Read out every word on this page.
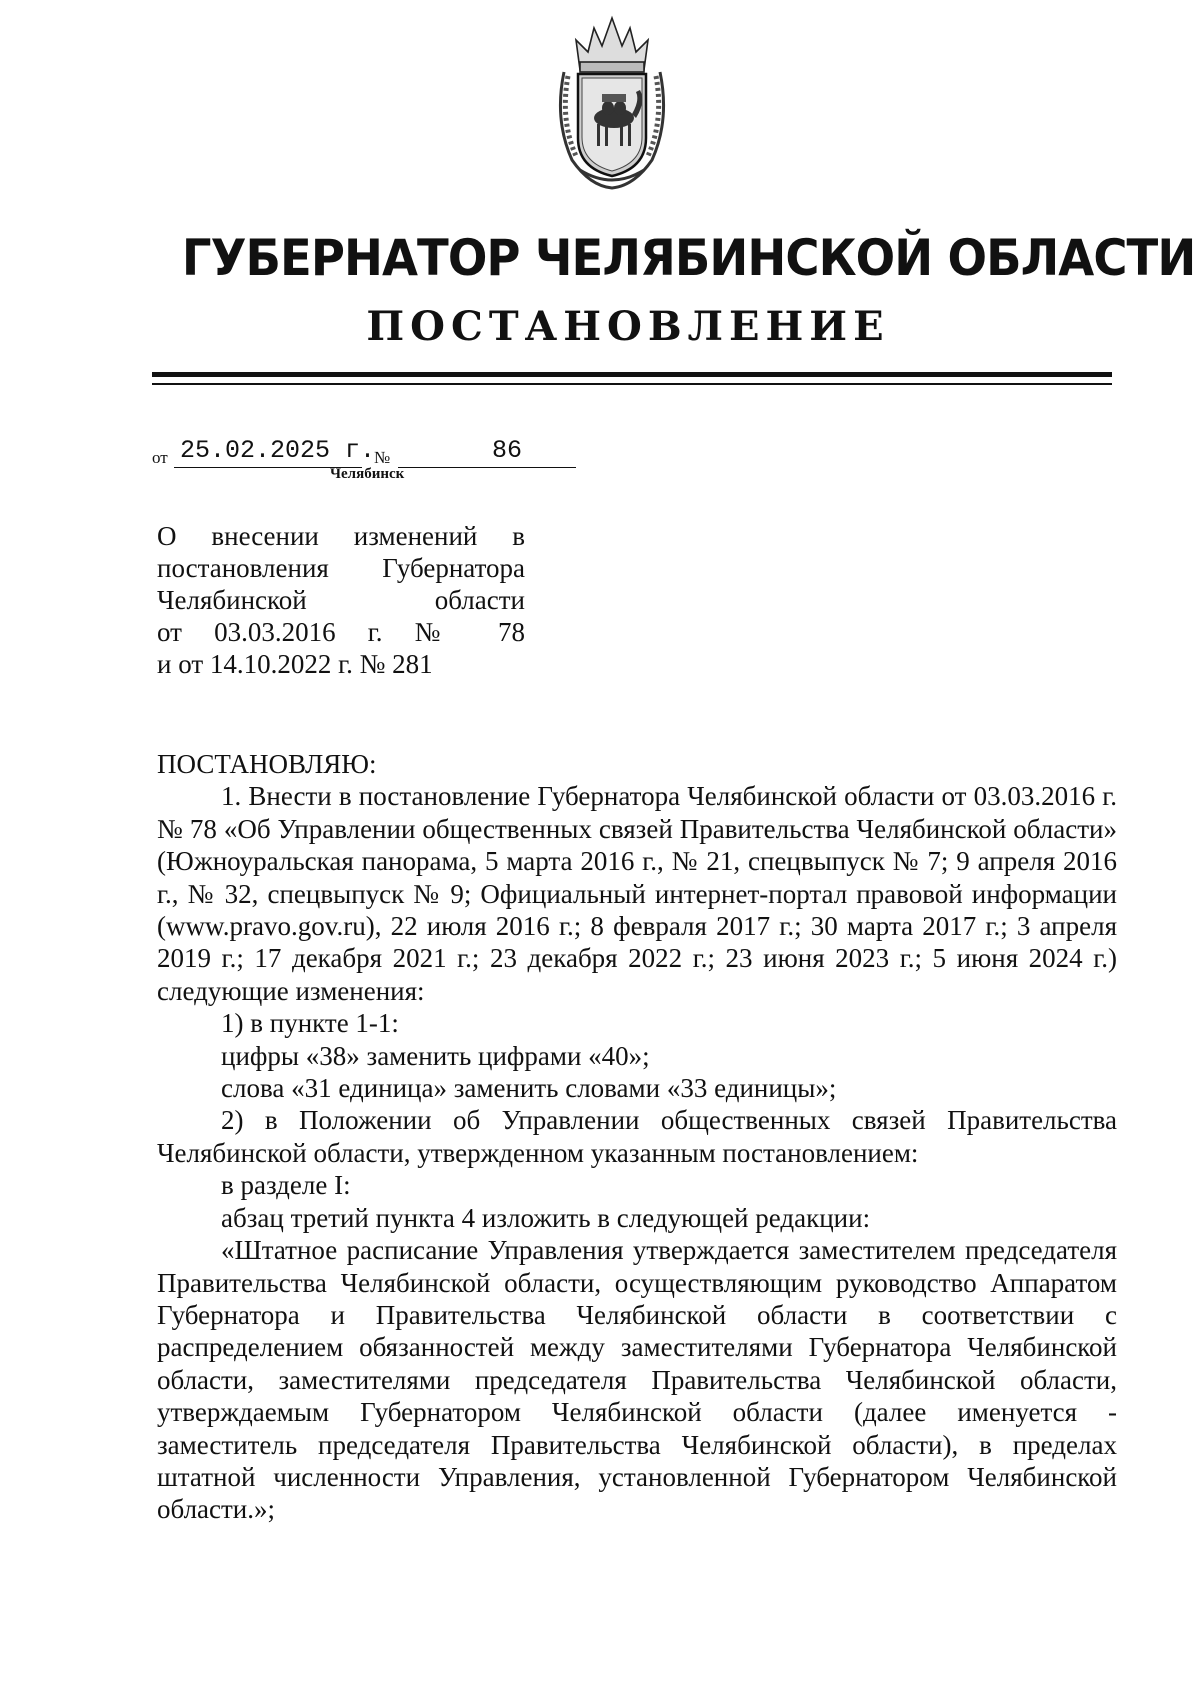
ГУБЕРНАТОР ЧЕЛЯБИНСКОЙ ОБЛАСТИ
ПОСТАНОВЛЕНИЕ
от 25.02.2025 г.
№	86
Челябинск
О внесении изменений в
постановления Губернатора
Челябинской области
от 03.03.2016 г. № 78
и от 14.10.2022 г. № 281

ПОСТАНОВЛЯЮ:

1. Внести в постановление Губернатора Челябинской области от 03.03.2016 г. № 78 «Об Управлении общественных связей Правительства Челябинской области» (Южноуральская панорама, 5 марта 2016 г., № 21, спецвыпуск № 7; 9 апреля 2016 г., № 32, спецвыпуск № 9; Официальный интернет-портал правовой информации (www.pravo.gov.ru), 22 июля 2016 г.; 8 февраля 2017 г.; 30 марта 2017 г.; 3 апреля 2019 г.; 17 декабря 2021 г.; 23 декабря 2022 г.; 23 июня 2023 г.; 5 июня 2024 г.) следующие изменения:

1) в пункте 1-1:

цифры «38» заменить цифрами «40»;

слова «31 единица» заменить словами «33 единицы»;

2) в Положении об Управлении общественных связей Правительства Челябинской области, утвержденном указанным постановлением:

в разделе I:

абзац третий пункта 4 изложить в следующей редакции:

«Штатное расписание Управления утверждается заместителем председателя Правительства Челябинской области, осуществляющим руководство Аппаратом Губернатора и Правительства Челябинской области в соответствии с распределением обязанностей между заместителями Губернатора Челябинской области, заместителями председателя Правительства Челябинской области, утверждаемым Губернатором Челябинской области (далее именуется - заместитель председателя Правительства Челябинской области), в пределах штатной численности Управления, установленной Губернатором Челябинской области.»;
